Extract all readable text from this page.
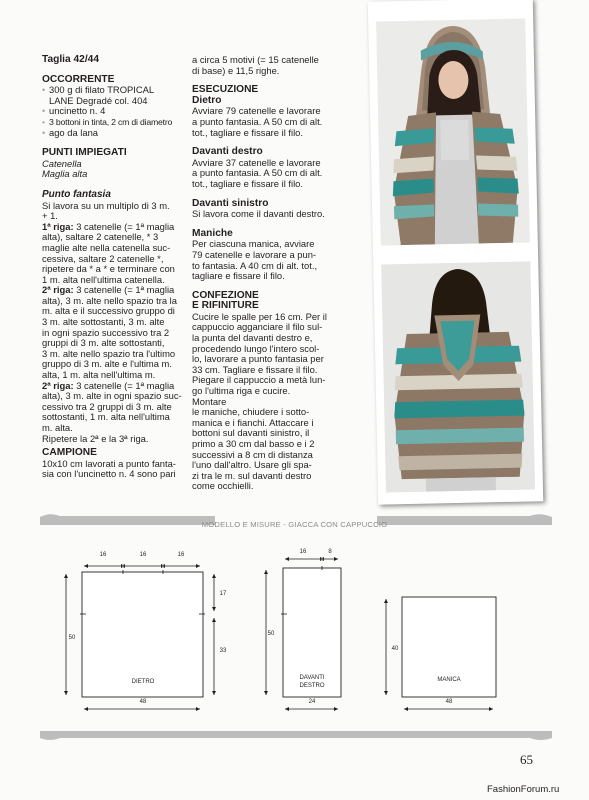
Taglia 42/44
OCCORRENTE
• 300 g di filato TROPICAL
LANE Degradé col. 404
• uncinetto n. 4
• 3 bottoni in tinta, 2 cm di diametro
• ago da lana
PUNTI IMPIEGATI
Catenella
Maglia alta
Punto fantasia
Si lavora su un multiplo di 3 m.
+ 1.
1ª riga: 3 catenelle (= 1ª maglia
alta), saltare 2 catenelle, * 3
maglie alte nella catenella suc-
cessiva, saltare 2 catenelle *,
ripetere da * a * e terminare con
1 m. alta nell'ultima catenella.
2ª riga: 3 catenelle (= 1ª maglia
alta), 3 m. alte nello spazio tra la
m. alta e il successivo gruppo di
3 m. alte sottostanti, 3 m. alte
in ogni spazio successivo tra 2
gruppi di 3 m. alte sottostanti,
3 m. alte nello spazio tra l'ultimo
gruppo di 3 m. alte e l'ultima m.
alta, 1 m. alta nell'ultima m.
2ª riga: 3 catenelle (= 1ª maglia
alta), 3 m. alte in ogni spazio suc-
cessivo tra 2 gruppi di 3 m. alte
sottostanti, 1 m. alta nell'ultima
m. alta.
Ripetere la 2ª e la 3ª riga.
CAMPIONE
10x10 cm lavorati a punto fanta-
sia con l'uncinetto n. 4 sono pari
a circa 5 motivi (= 15 catenelle
di base) e 11,5 righe.
ESECUZIONE
Dietro
Avviare 79 catenelle e lavorare
a punto fantasia. A 50 cm di alt.
tot., tagliare e fissare il filo.
Davanti destro
Avviare 37 catenelle e lavorare
a punto fantasia. A 50 cm di alt.
tot., tagliare e fissare il filo.
Davanti sinistro
Si lavora come il davanti destro.
Maniche
Per ciascuna manica, avviare
79 catenelle e lavorare a pun-
to fantasia. A 40 cm di alt. tot.,
tagliare e fissare il filo.
CONFEZIONE
E RIFINITURE
Cucire le spalle per 16 cm. Per il
cappuccio agganciare il filo sul-
la punta del davanti destro e,
procedendo lungo l'intero scol-
lo, lavorare a punto fantasia per
33 cm. Tagliare e fissare il filo.
Piegare il cappuccio a metà lun-
go l'ultima riga e cucire. Montare
le maniche, chiudere i sotto-
manica e i fianchi. Attaccare i
bottoni sul davanti sinistro, il
primo a 30 cm dal basso e i 2
successivi a 8 cm di distanza
l'uno dall'altro. Usare gli spa-
zi tra le m. sul davanti destro
come occhielli.
16	16	16
50
17
33
48
DIETRO
16	8
50
24
DAVANTI
DESTRO
40
48
MANICA
MODELLO E MISURE - GIACCA CON CAPPUCCIO
65
FashionForum.ru
